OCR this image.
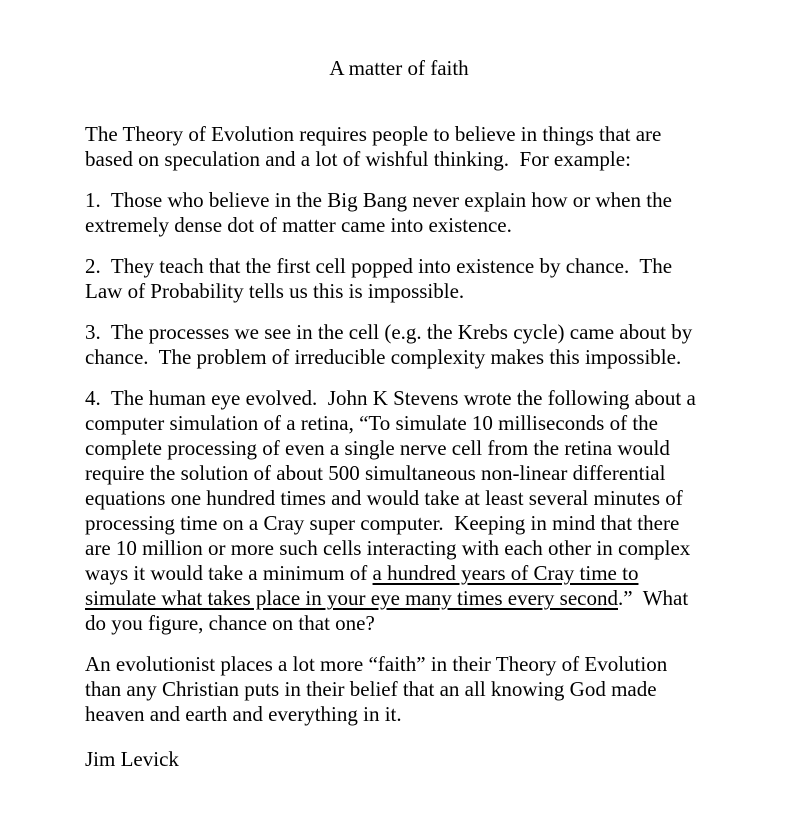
A matter of faith

The Theory of Evolution requires people to believe in things that are
based on speculation and a lot of wishful thinking.  For example:

1.  Those who believe in the Big Bang never explain how or when the
extremely dense dot of matter came into existence.

2.  They teach that the first cell popped into existence by chance.  The
Law of Probability tells us this is impossible.

3.  The processes we see in the cell (e.g. the Krebs cycle) came about by
chance.  The problem of irreducible complexity makes this impossible.

4.  The human eye evolved.  John K Stevens wrote the following about a
computer simulation of a retina, “To simulate 10 milliseconds of the
complete processing of even a single nerve cell from the retina would
require the solution of about 500 simultaneous non-linear differential
equations one hundred times and would take at least several minutes of
processing time on a Cray super computer.  Keeping in mind that there
are 10 million or more such cells interacting with each other in complex
ways it would take a minimum of a hundred years of Cray time to
simulate what takes place in your eye many times every second.”  What
do you figure, chance on that one?

An evolutionist places a lot more “faith” in their Theory of Evolution
than any Christian puts in their belief that an all knowing God made
heaven and earth and everything in it.

Jim Levick
